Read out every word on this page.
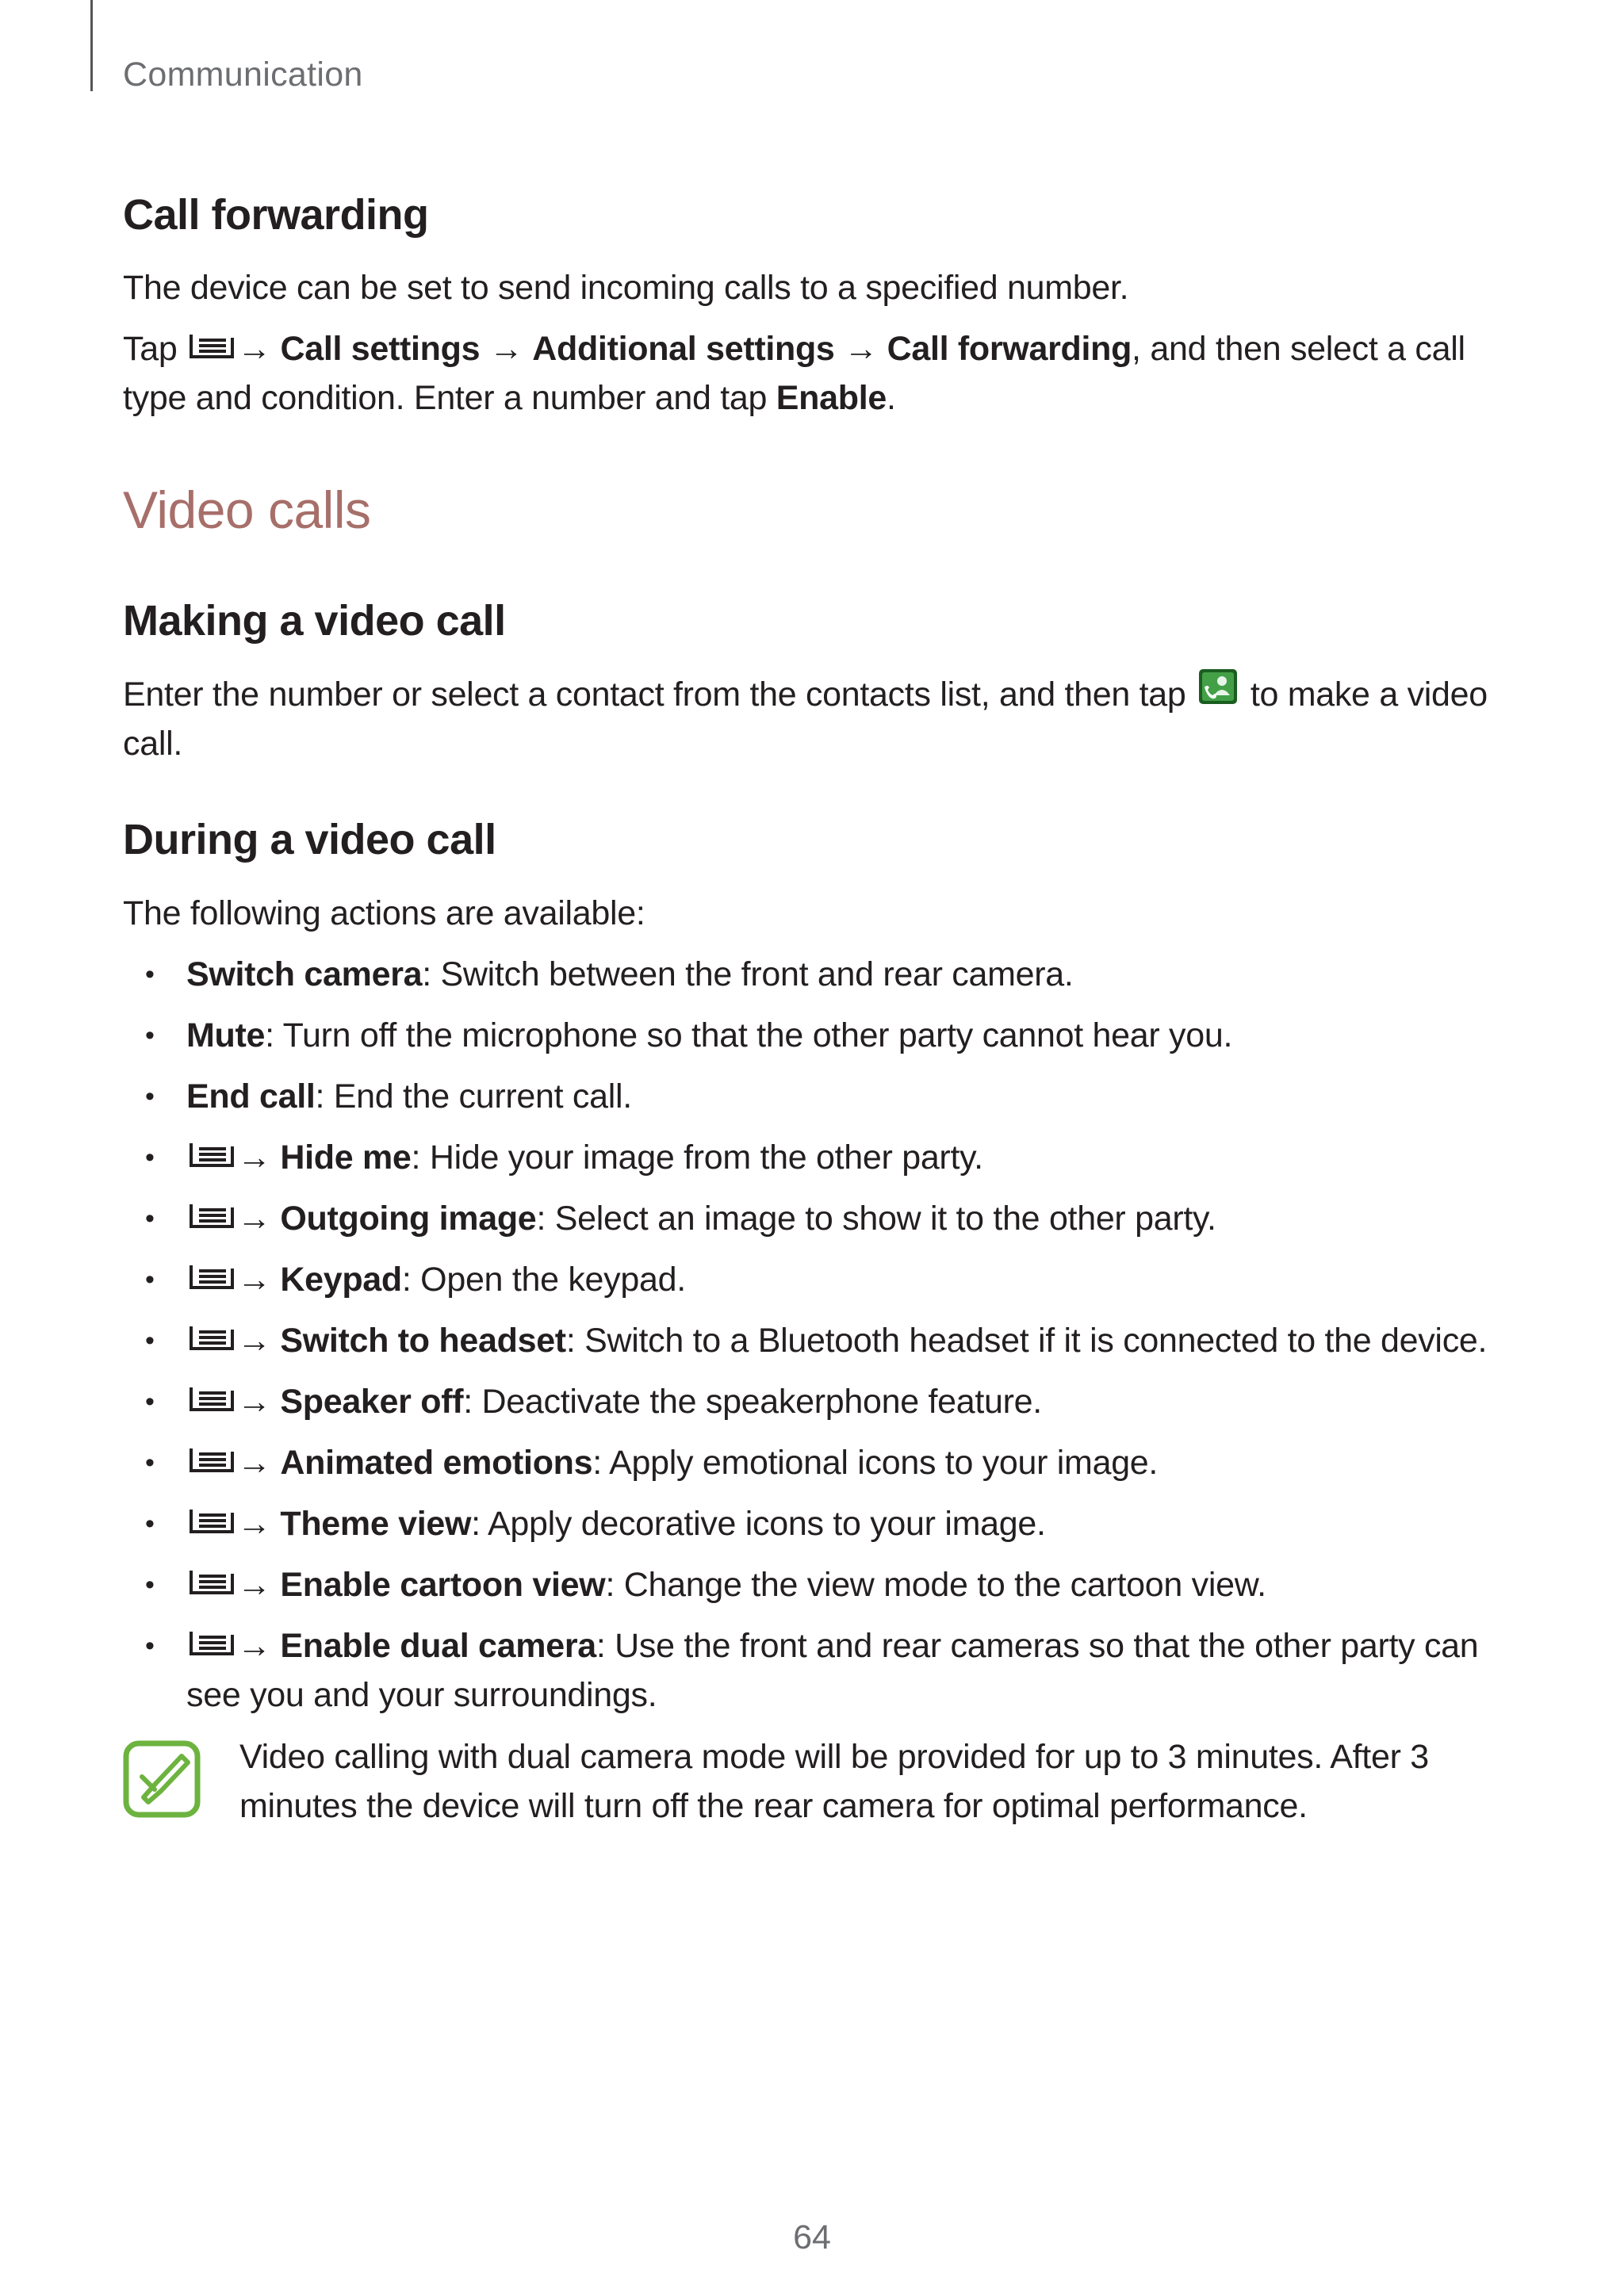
Communication
Call forwarding

The device can be set to send incoming calls to a specified number.

Tap → Call settings → Additional settings → Call forwarding, and then select a call type and condition. Enter a number and tap Enable.

Video calls
Making a video call

Enter the number or select a contact from the contacts list, and then tap to make a video call.

During a video call

The following actions are available:

• Switch camera: Switch between the front and rear camera.
• Mute: Turn off the microphone so that the other party cannot hear you.
• End call: End the current call.
• → Hide me: Hide your image from the other party.
• → Outgoing image: Select an image to show it to the other party.
• → Keypad: Open the keypad.
• → Switch to headset: Switch to a Bluetooth headset if it is connected to the device.
• → Speaker off: Deactivate the speakerphone feature.
• → Animated emotions: Apply emotional icons to your image.
• → Theme view: Apply decorative icons to your image.
• → Enable cartoon view: Change the view mode to the cartoon view.
• → Enable dual camera: Use the front and rear cameras so that the other party can see you and your surroundings.

Video calling with dual camera mode will be provided for up to 3 minutes. After 3 minutes the device will turn off the rear camera for optimal performance.

64
